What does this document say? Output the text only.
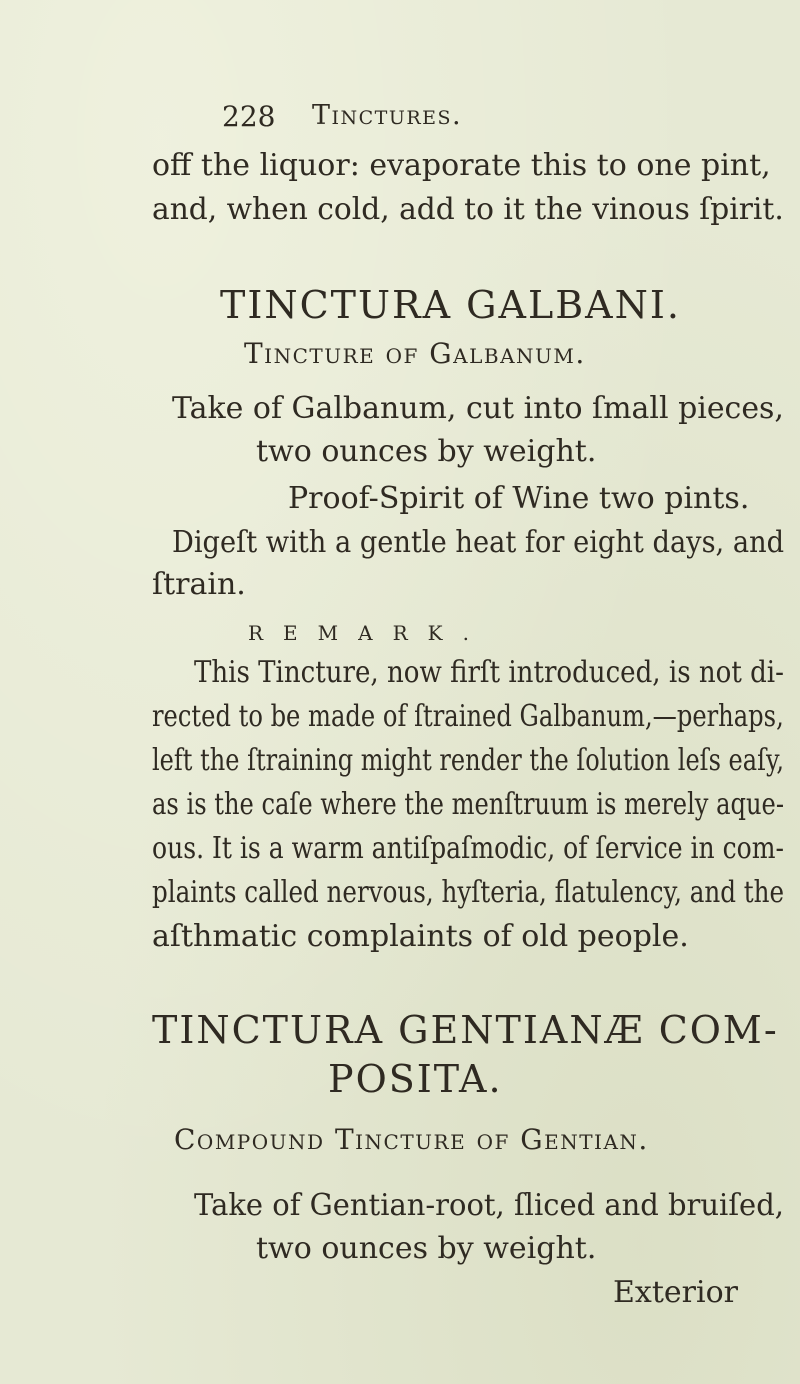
228 Tinctures.
off the liquor: evaporate this to one pint,
and, when cold, add to it the vinous ſpirit.
TINCTURA GALBANI.
Tincture of Galbanum.
Take of Galbanum, cut into ſmall pieces,
two ounces by weight.
Proof-Spirit of Wine two pints.
Digeſt with a gentle heat for eight days, and
ſtrain.
REMARK.
This Tincture, now firſt introduced, is not di-
rected to be made of ſtrained Galbanum,—perhaps,
left the ſtraining might render the ſolution leſs eaſy,
as is the caſe where the menſtruum is merely aque-
ous. It is a warm antiſpaſmodic, of ſervice in com-
plaints called nervous, hyſteria, flatulency, and the
aſthmatic complaints of old people.
TINCTURA GENTIANÆ COM-
POSITA.
Compound Tincture of Gentian.
Take of Gentian-root, ſliced and bruiſed,
two ounces by weight.
Exterior
